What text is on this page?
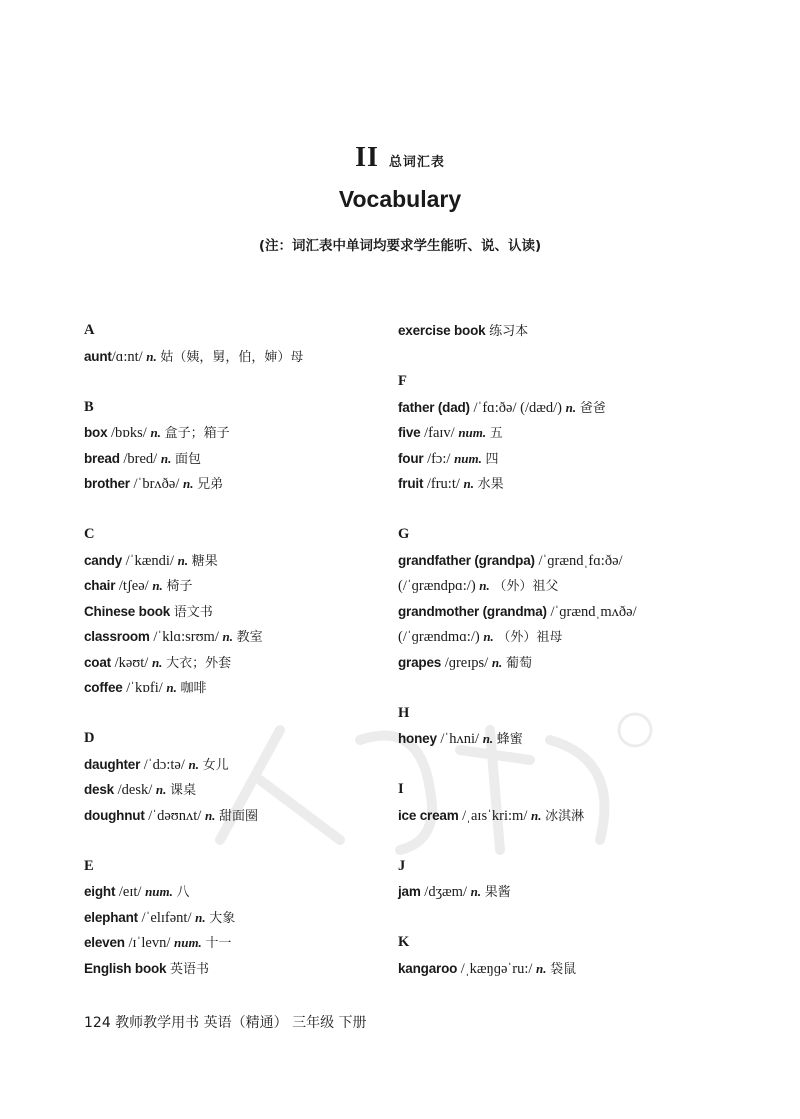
II 总词汇表
Vocabulary
(注：词汇表中单词均要求学生能听、说、认读)
A
aunt/ɑ:nt/ n. 姑（姨，舅，伯，婶）母
B
box /bɒks/ n. 盒子；箱子
bread /bred/ n. 面包
brother /ˈbrʌðə/ n. 兄弟
C
candy /ˈkændi/ n. 糖果
chair /tʃeə/ n. 椅子
Chinese book 语文书
classroom /ˈklɑ:srʊm/ n. 教室
coat /kəʊt/ n. 大衣；外套
coffee /ˈkɒfi/ n. 咖啡
D
daughter /ˈdɔ:tə/ n. 女儿
desk /desk/ n. 课桌
doughnut /ˈdəʊnʌt/ n. 甜面圈
E
eight /eɪt/ num. 八
elephant /ˈelɪfənt/ n. 大象
eleven /ɪˈlevn/ num. 十一
English book 英语书
exercise book 练习本
F
father (dad) /ˈfɑ:ðə/ (/dæd/) n. 爸爸
five /faɪv/ num. 五
four /fɔ:/ num. 四
fruit /fru:t/ n. 水果
G
grandfather (grandpa) /ˈɡrændˌfɑ:ðə/
(/ˈɡrændpɑ:/) n. （外）祖父
grandmother (grandma) /ˈɡrændˌmʌðə/
(/ˈɡrændmɑ:/) n. （外）祖母
grapes /ɡreɪps/ n. 葡萄
H
honey /ˈhʌni/ n. 蜂蜜
I
ice cream /ˌaɪsˈkri:m/ n. 冰淇淋
J
jam /dʒæm/ n. 果酱
K
kangaroo /ˌkæŋɡəˈru:/ n. 袋鼠
124 教师教学用书 英语（精通） 三年级 下册
